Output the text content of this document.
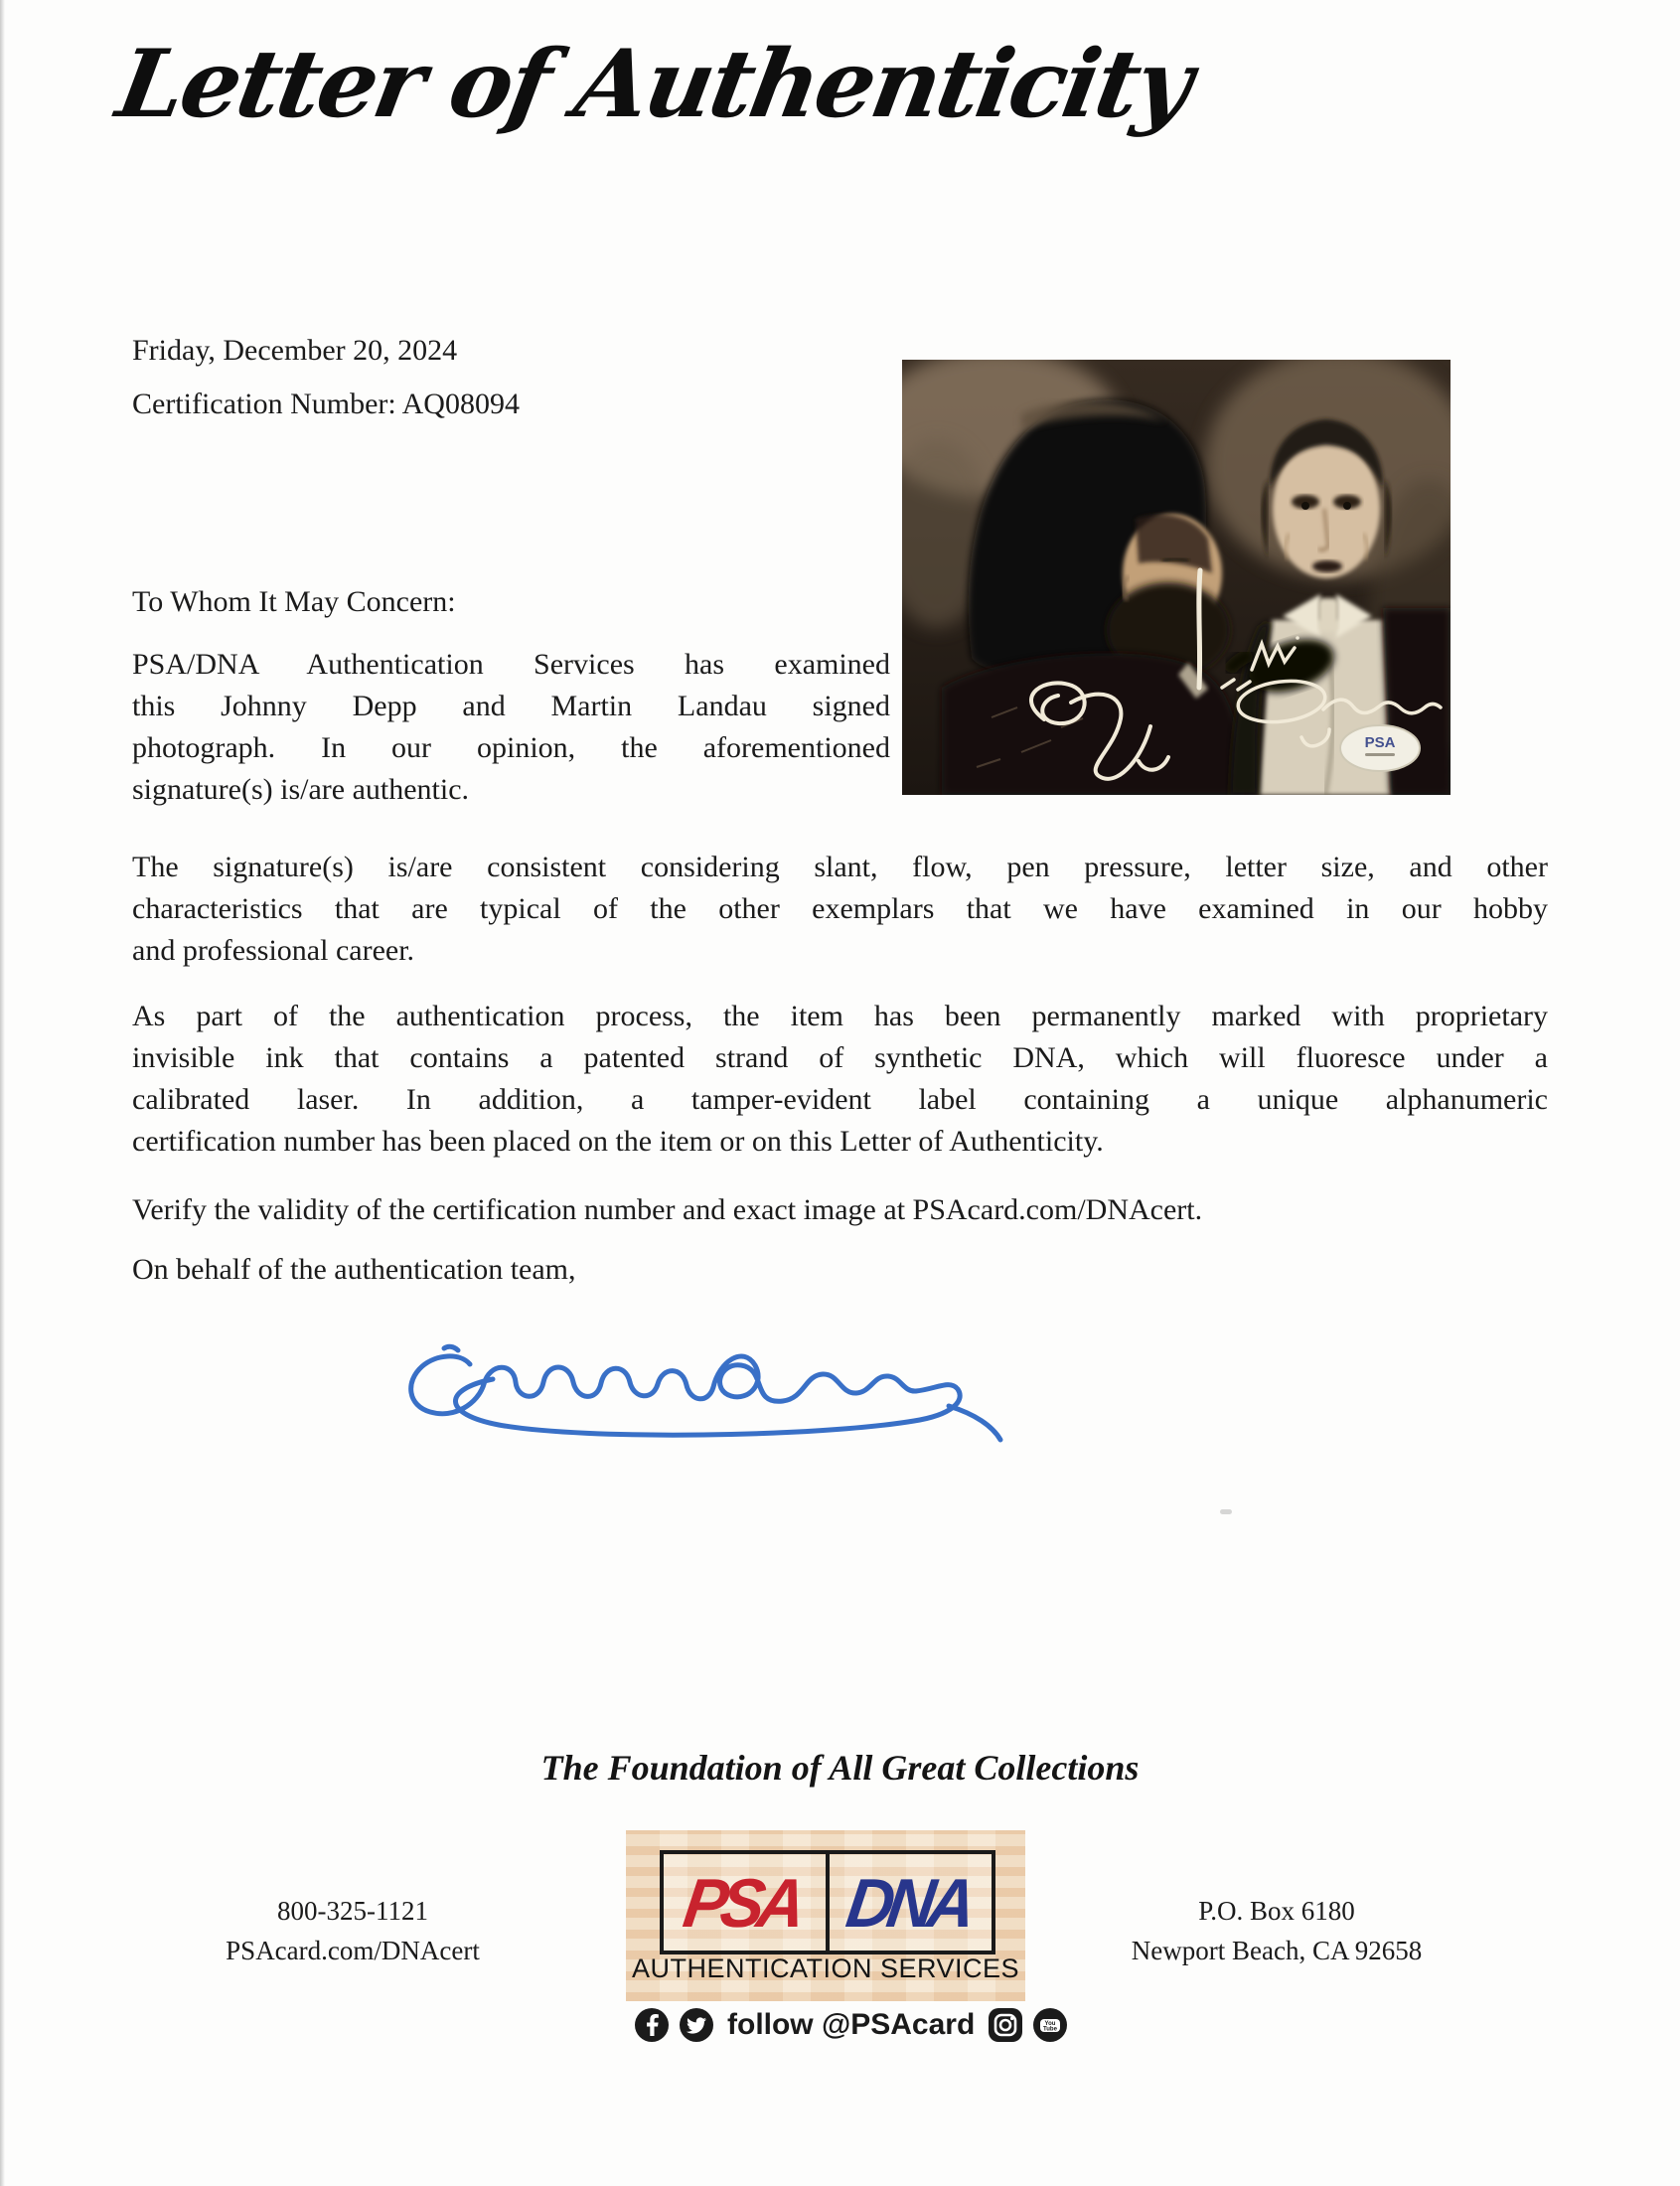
Letter of Authenticity
Friday, December 20, 2024
Certification Number: AQ08094
PSA
To Whom It May Concern:
PSA/DNA Authentication Services has examined
this Johnny Depp and Martin Landau signed
photograph. In our opinion, the aforementioned
signature(s) is/are authentic.
The signature(s) is/are consistent considering slant, flow, pen pressure, letter size, and other
characteristics that are typical of the other exemplars that we have examined in our hobby
and professional career.
As part of the authentication process, the item has been permanently marked with proprietary
invisible ink that contains a patented strand of synthetic DNA, which will fluoresce under a
calibrated laser. In addition, a tamper-evident label containing a unique alphanumeric
certification number has been placed on the item or on this Letter of Authenticity.
Verify the validity of the certification number and exact image at PSAcard.com/DNAcert.
On behalf of the authentication team,
The Foundation of All Great Collections
PSA DNA
AUTHENTICATION SERVICES
800-325-1121
PSAcard.com/DNAcert
P.O. Box 6180
Newport Beach, CA 92658
follow @PSAcard	You
Tube
